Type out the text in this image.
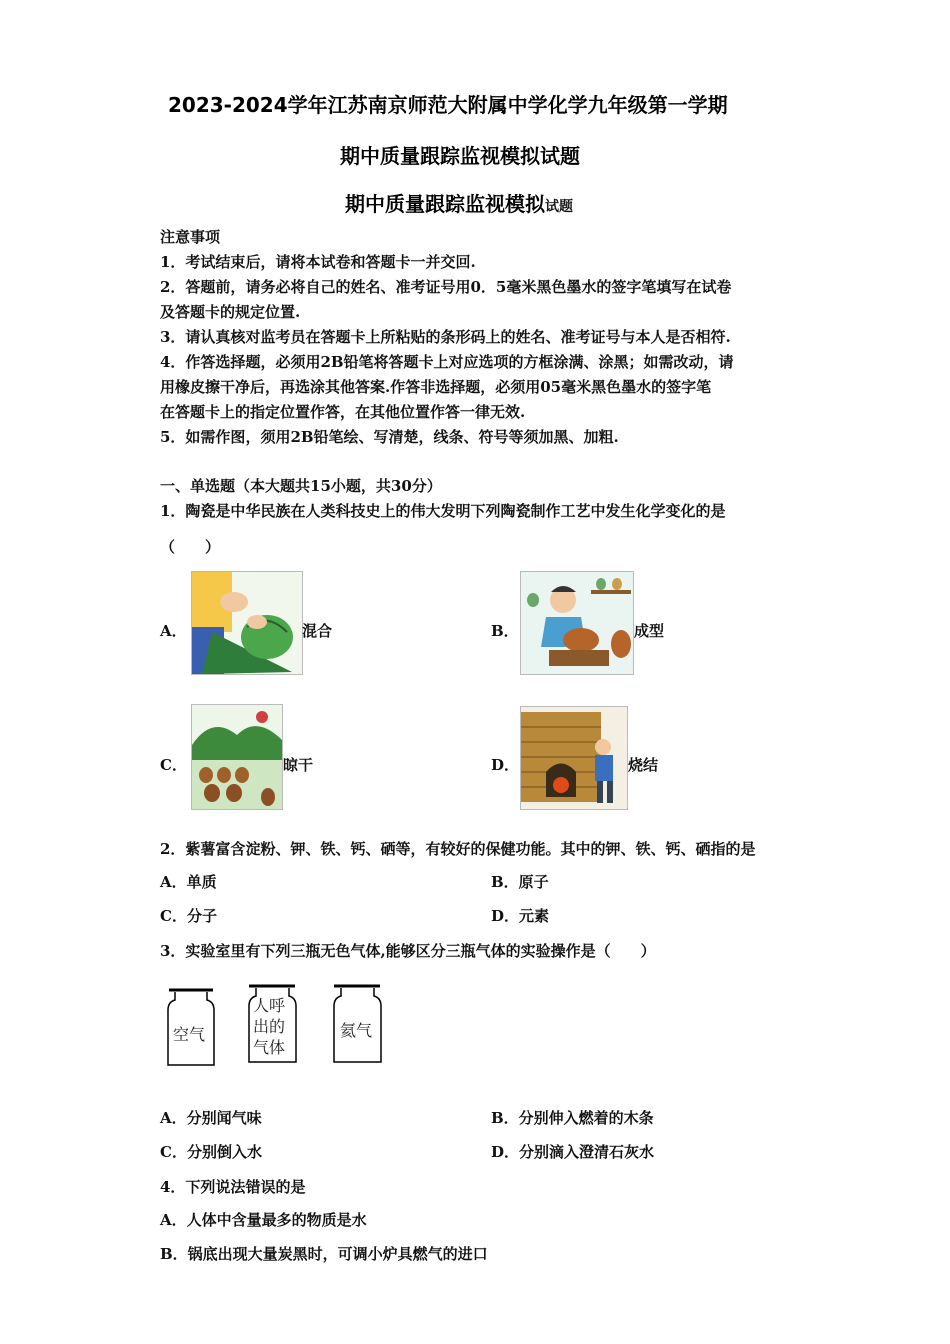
2023-2024学年江苏南京师范大附属中学化学九年级第一学期
期中质量跟踪监视模拟试题
期中质量跟踪监视模拟试题
注意事项
1．考试结束后，请将本试卷和答题卡一并交回.
2．答题前，请务必将自己的姓名、准考证号用0．5毫米黑色墨水的签字笔填写在试卷
及答题卡的规定位置.
3．请认真核对监考员在答题卡上所粘贴的条形码上的姓名、准考证号与本人是否相符.
4．作答选择题，必须用2B铅笔将答题卡上对应选项的方框涂满、涂黑；如需改动，请
用橡皮擦干净后，再选涂其他答案.作答非选择题，必须用05毫米黑色墨水的签字笔
在答题卡上的指定位置作答，在其他位置作答一律无效.
5．如需作图，须用2B铅笔绘、写清楚，线条、符号等须加黑、加粗.
一、单选题（本大题共15小题，共30分）
1．陶瓷是中华民族在人类科技史上的伟大发明下列陶瓷制作工艺中发生化学变化的是
（　　）
A．	混合	B．	成型
C．	晾干	D．	烧结
2．紫薯富含淀粉、钾、铁、钙、硒等，有较好的保健功能。其中的钾、铁、钙、硒指的是
A．单质	B．原子
C．分子	D．元素
3．实验室里有下列三瓶无色气体,能够区分三瓶气体的实验操作是（　　）
空气
人呼
出的
气体
氦气
A．分别闻气味	B．分别伸入燃着的木条
C．分别倒入水	D．分别滴入澄清石灰水
4．下列说法错误的是
A．人体中含量最多的物质是水
B．锅底出现大量炭黑时，可调小炉具燃气的进口
